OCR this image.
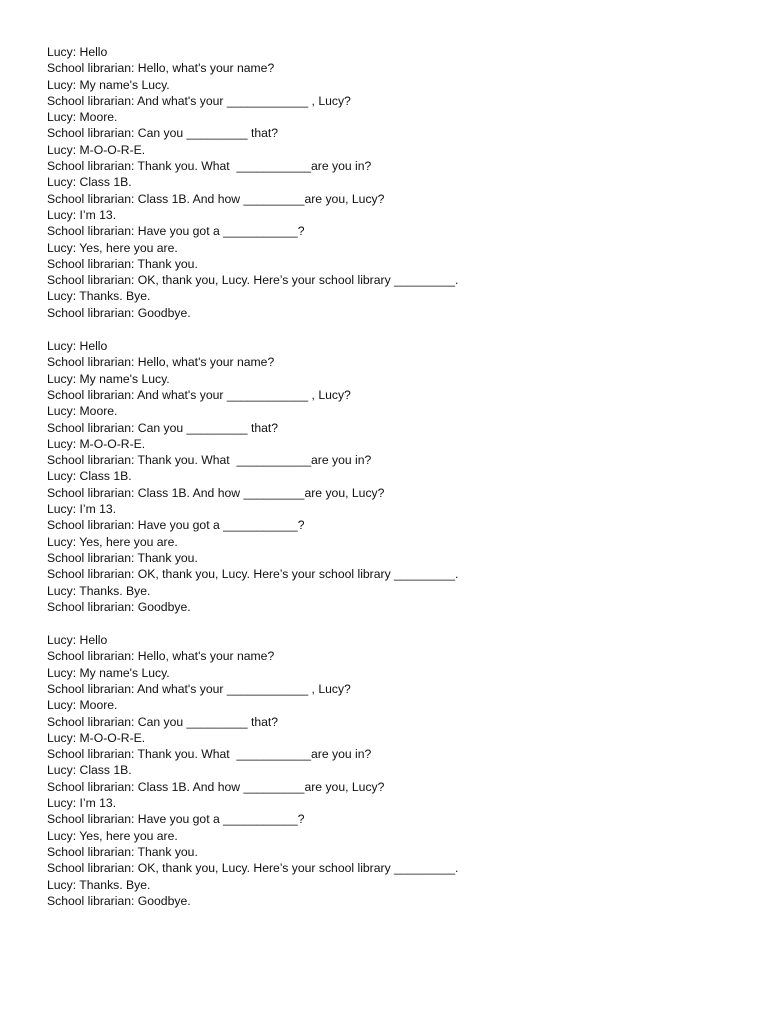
Lucy: Hello
School librarian: Hello, what's your name?
Lucy: My name's Lucy.
School librarian: And what's your ____________ , Lucy?
Lucy: Moore.
School librarian: Can you _________ that?
Lucy: M-O-O-R-E.
School librarian: Thank you. What  ___________are you in?
Lucy: Class 1B.
School librarian: Class 1B. And how _________are you, Lucy?
Lucy: I’m 13.
School librarian: Have you got a ___________?
Lucy: Yes, here you are.
School librarian: Thank you.
School librarian: OK, thank you, Lucy. Here’s your school library _________.
Lucy: Thanks. Bye.
School librarian: Goodbye.
Lucy: Hello
School librarian: Hello, what's your name?
Lucy: My name's Lucy.
School librarian: And what's your ____________ , Lucy?
Lucy: Moore.
School librarian: Can you _________ that?
Lucy: M-O-O-R-E.
School librarian: Thank you. What  ___________are you in?
Lucy: Class 1B.
School librarian: Class 1B. And how _________are you, Lucy?
Lucy: I’m 13.
School librarian: Have you got a ___________?
Lucy: Yes, here you are.
School librarian: Thank you.
School librarian: OK, thank you, Lucy. Here’s your school library _________.
Lucy: Thanks. Bye.
School librarian: Goodbye.
Lucy: Hello
School librarian: Hello, what's your name?
Lucy: My name's Lucy.
School librarian: And what's your ____________ , Lucy?
Lucy: Moore.
School librarian: Can you _________ that?
Lucy: M-O-O-R-E.
School librarian: Thank you. What  ___________are you in?
Lucy: Class 1B.
School librarian: Class 1B. And how _________are you, Lucy?
Lucy: I’m 13.
School librarian: Have you got a ___________?
Lucy: Yes, here you are.
School librarian: Thank you.
School librarian: OK, thank you, Lucy. Here’s your school library _________.
Lucy: Thanks. Bye.
School librarian: Goodbye.
